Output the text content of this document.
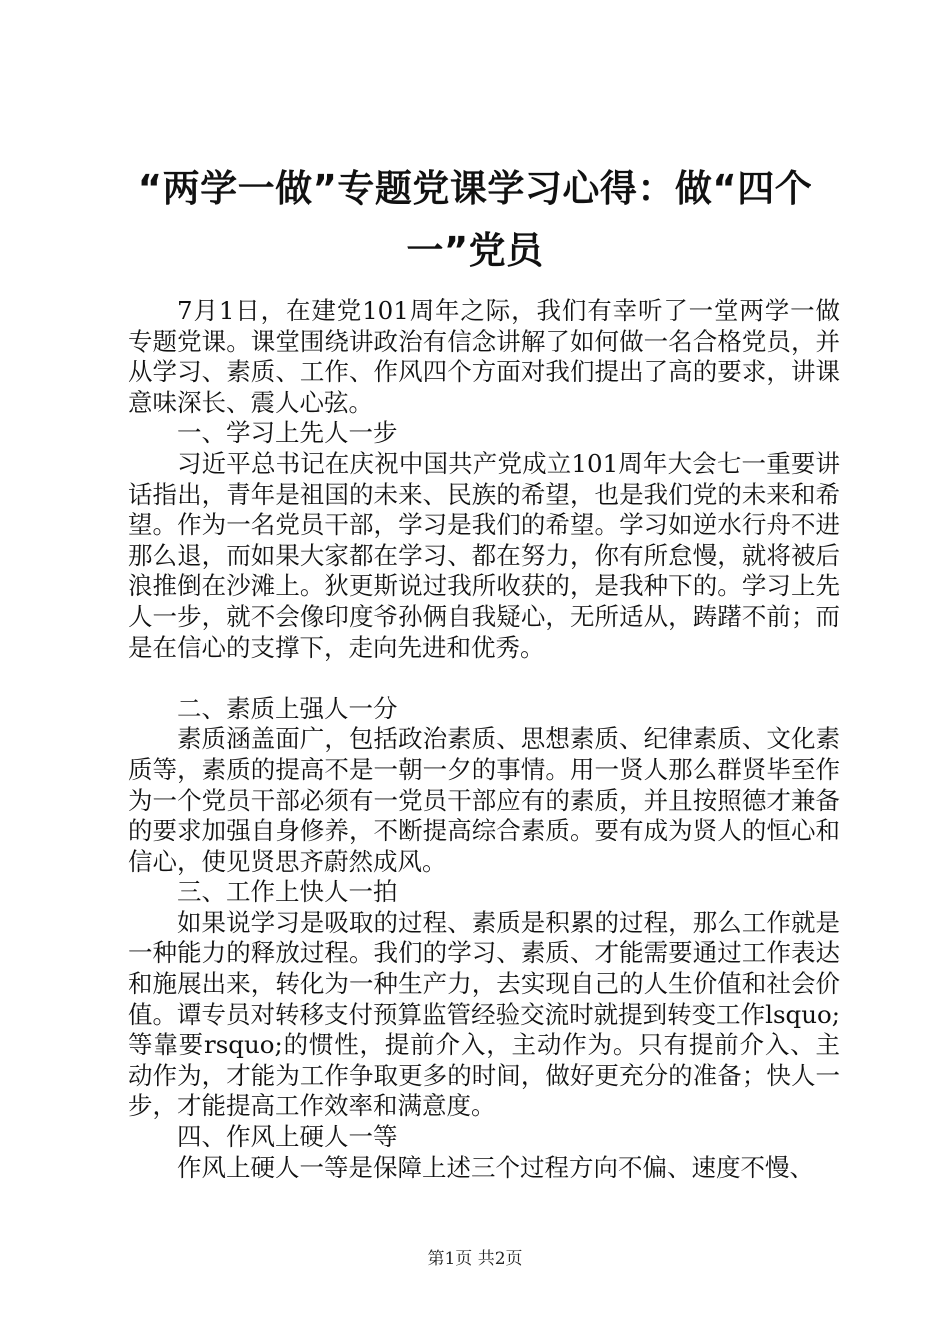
“两学一做”专题党课学习心得：做“四个一”党员

7月1日，在建党101周年之际，我们有幸听了一堂两学一做专题党课。课堂围绕讲政治有信念讲解了如何做一名合格党员，并从学习、素质、工作、作风四个方面对我们提出了高的要求，讲课意味深长、震人心弦。

一、学习上先人一步

习近平总书记在庆祝中国共产党成立101周年大会七一重要讲话指出，青年是祖国的未来、民族的希望，也是我们党的未来和希望。作为一名党员干部，学习是我们的希望。学习如逆水行舟不进那么退，而如果大家都在学习、都在努力，你有所怠慢，就将被后浪推倒在沙滩上。狄更斯说过我所收获的，是我种下的。学习上先人一步，就不会像印度爷孙俩自我疑心，无所适从，踌躇不前；而是在信心的支撑下，走向先进和优秀。

二、素质上强人一分

素质涵盖面广，包括政治素质、思想素质、纪律素质、文化素质等，素质的提高不是一朝一夕的事情。用一贤人那么群贤毕至作为一个党员干部必须有一党员干部应有的素质，并且按照德才兼备的要求加强自身修养，不断提高综合素质。要有成为贤人的恒心和信心，使见贤思齐蔚然成风。

三、工作上快人一拍

如果说学习是吸取的过程、素质是积累的过程，那么工作就是一种能力的释放过程。我们的学习、素质、才能需要通过工作表达和施展出来，转化为一种生产力，去实现自己的人生价值和社会价值。谭专员对转移支付预算监管经验交流时就提到转变工作lsquo;等靠要rsquo;的惯性，提前介入，主动作为。只有提前介入、主动作为，才能为工作争取更多的时间，做好更充分的准备；快人一步，才能提高工作效率和满意度。

四、作风上硬人一等

作风上硬人一等是保障上述三个过程方向不偏、速度不慢、

第1页 共2页
